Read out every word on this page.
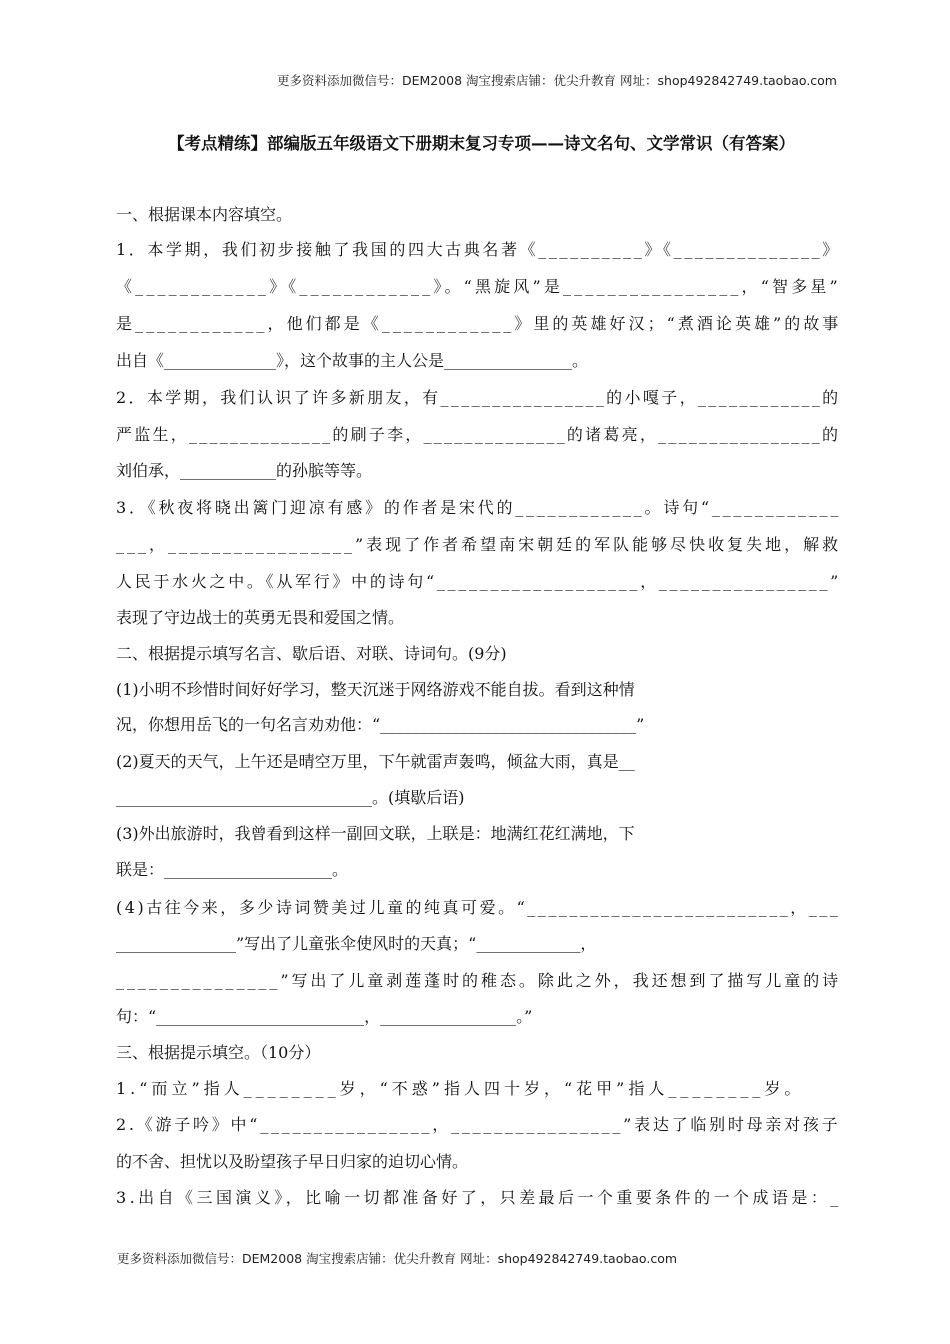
更多资料添加微信号：DEM2008 淘宝搜索店铺：优尖升教育 网址：shop492842749.taobao.com
【考点精练】部编版五年级语文下册期末复习专项——诗文名句、文学常识（有答案）
一、根据课本内容填空。
1．本学期，我们初步接触了我国的四大古典名著《__________》《______________》
《____________》《____________》。“黑旋风”是________________，“智多星”
是____________，他们都是《____________》里的英雄好汉；“煮酒论英雄”的故事
出自《______________》，这个故事的主人公是________________。
2．本学期，我们认识了许多新朋友，有________________的小嘎子，____________的
严监生，______________的刷子李，______________的诸葛亮，________________的
刘伯承，____________的孙膑等等。
3．《秋夜将晓出篱门迎凉有感》的作者是宋代的____________。诗句“____________
___，_________________”表现了作者希望南宋朝廷的军队能够尽快收复失地，解救
人民于水火之中。《从军行》中的诗句“___________________，________________”
表现了守边战士的英勇无畏和爱国之情。
二、根据提示填写名言、歇后语、对联、诗词句。(9分)
(1)小明不珍惜时间好好学习，整天沉迷于网络游戏不能自拔。看到这种情
况，你想用岳飞的一句名言劝劝他：“________________________________”
(2)夏天的天气，上午还是晴空万里，下午就雷声轰鸣，倾盆大雨，真是__
________________________________。(填歇后语)
(3)外出旅游时，我曾看到这样一副回文联，上联是：地满红花红满地，下
联是：_____________________。
(4)古往今来，多少诗词赞美过儿童的纯真可爱。“_________________________，___
_______________”写出了儿童张伞使风时的天真；“_____________，
_______________”写出了儿童剥莲蓬时的稚态。除此之外，我还想到了描写儿童的诗
句：“__________________________，_________________。”
三、根据提示填空。（10分）
1.“而立”指人________岁，“不惑”指人四十岁，“花甲”指人________岁。
2.《游子吟》中“________________，________________”表达了临别时母亲对孩子
的不舍、担忧以及盼望孩子早日归家的迫切心情。
3.出自《三国演义》，比喻一切都准备好了，只差最后一个重要条件的一个成语是：_
更多资料添加微信号：DEM2008 淘宝搜索店铺：优尖升教育 网址：shop492842749.taobao.com
